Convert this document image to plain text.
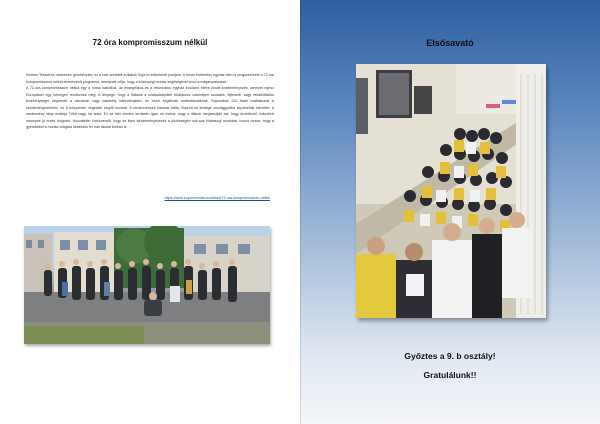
72 óra kompromisszum nélkül

Kedves Testvérek, kedvesek gerebényiek, ez a heti szeletelt a diákok Sopron különböző pontjain. A hírom történelmi egyház idén is megszervezte a 72 óra kompromisszum nélkül elnevezésű programot, amelynek célja, hogy a közösségi munka segítségével tenni a magánytalankat.

A 72 óra kompromisszum nélkül egy a római katolikus, az evangélikus és a református egyház közösen életre hívott kezdeményezés, amelyet egész Európában egy hétvégén rendeznek meg. A lényege, hogy a fiatalok a szabadidejüket feláldozva valamilyen szociális, fejlesztő, vagy rehabilitációs tevékenységet végeznek a városban vagy valamely intézményben, és ezzel segítenek embertársaiknak. Sopronban 210 fiatal csatlakozott a kezdeményezéshez, és 8 helyszínen végeztek segítő munkát. A rendezvényen Banzas Attila, Sopron és térsége országgyűlési képviselője kiemelte: a rendezvény ideje mottója Több vagy, ha adsz. Ez az élet minden területén igaz, és fontos, hogy a diákok megtanulják azt, hogy önzetlenül, másokért mennyire jó érzés dolgozni. Hozzátette: üdvözlendő, hogy az ilyen kezdeményezések a közösségért sok-sok Kisbaszgi munkára, hozzá fontos, hogy a gyerekeket a munka világára készítsük fel már iskolai korban is.

https://www.sopronmedia.hu/cikkek/72-ora-kompromisszum-nelkul
Elsősavató
Győztes a 9. b osztály!
Gratulálunk!!
